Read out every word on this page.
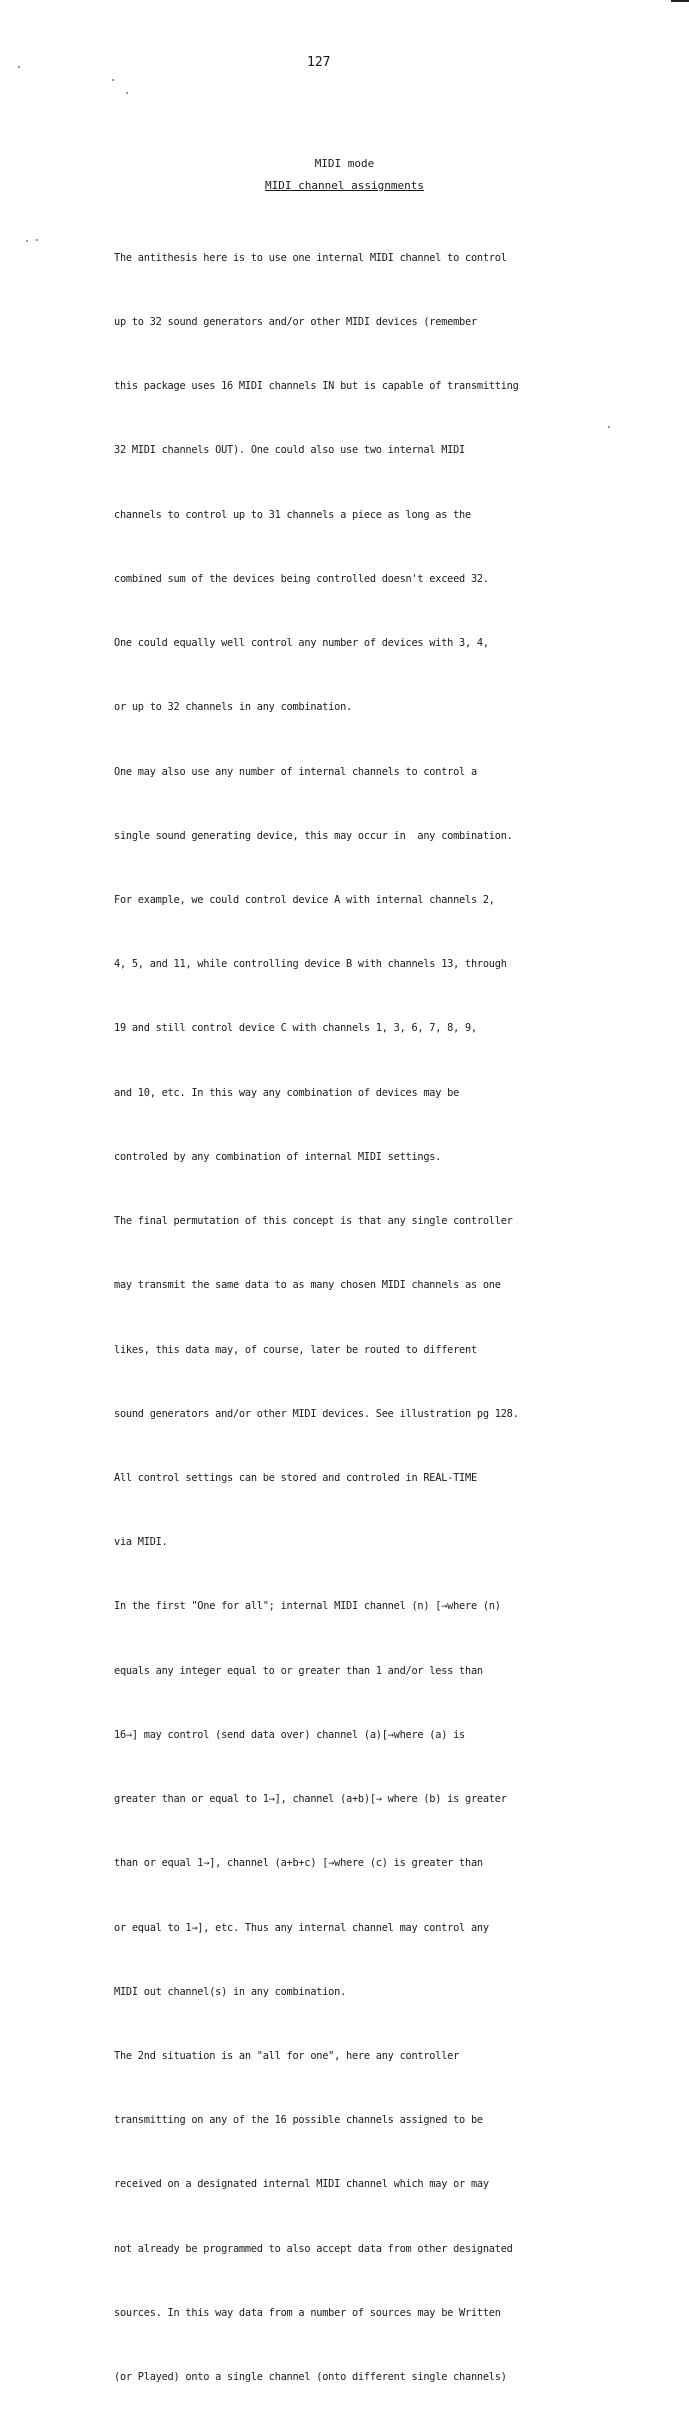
127
MIDI mode
MIDI channel assignments

The antithesis here is to use one internal MIDI channel to control

up to 32 sound generators and/or other MIDI devices (remember

this package uses 16 MIDI channels IN but is capable of transmitting

32 MIDI channels OUT). One could also use two internal MIDI

channels to control up to 31 channels a piece as long as the

combined sum of the devices being controlled doesn't exceed 32.

One could equally well control any number of devices with 3, 4,

or up to 32 channels in any combination.

One may also use any number of internal channels to control a

single sound generating device, this may occur in  any combination.

For example, we could control device A with internal channels 2,

4, 5, and 11, while controlling device B with channels 13, through

19 and still control device C with channels 1, 3, 6, 7, 8, 9,

and 10, etc. In this way any combination of devices may be

controled by any combination of internal MIDI settings.

The final permutation of this concept is that any single controller

may transmit the same data to as many chosen MIDI channels as one

likes, this data may, of course, later be routed to different

sound generators and/or other MIDI devices. See illustration pg 128.

All control settings can be stored and controled in REAL-TIME

via MIDI.

In the first "One for all"; internal MIDI channel (n) [→where (n)

equals any integer equal to or greater than 1 and/or less than

16→] may control (send data over) channel (a)[→where (a) is

greater than or equal to 1→], channel (a+b)[→ where (b) is greater

than or equal 1→], channel (a+b+c) [→where (c) is greater than

or equal to 1→], etc. Thus any internal channel may control any

MIDI out channel(s) in any combination.

The 2nd situation is an "all for one", here any controller

transmitting on any of the 16 possible channels assigned to be

received on a designated internal MIDI channel which may or may

not already be programmed to also accept data from other designated

sources. In this way data from a number of sources may be Written

(or Played) onto a single channel (onto different single channels)
